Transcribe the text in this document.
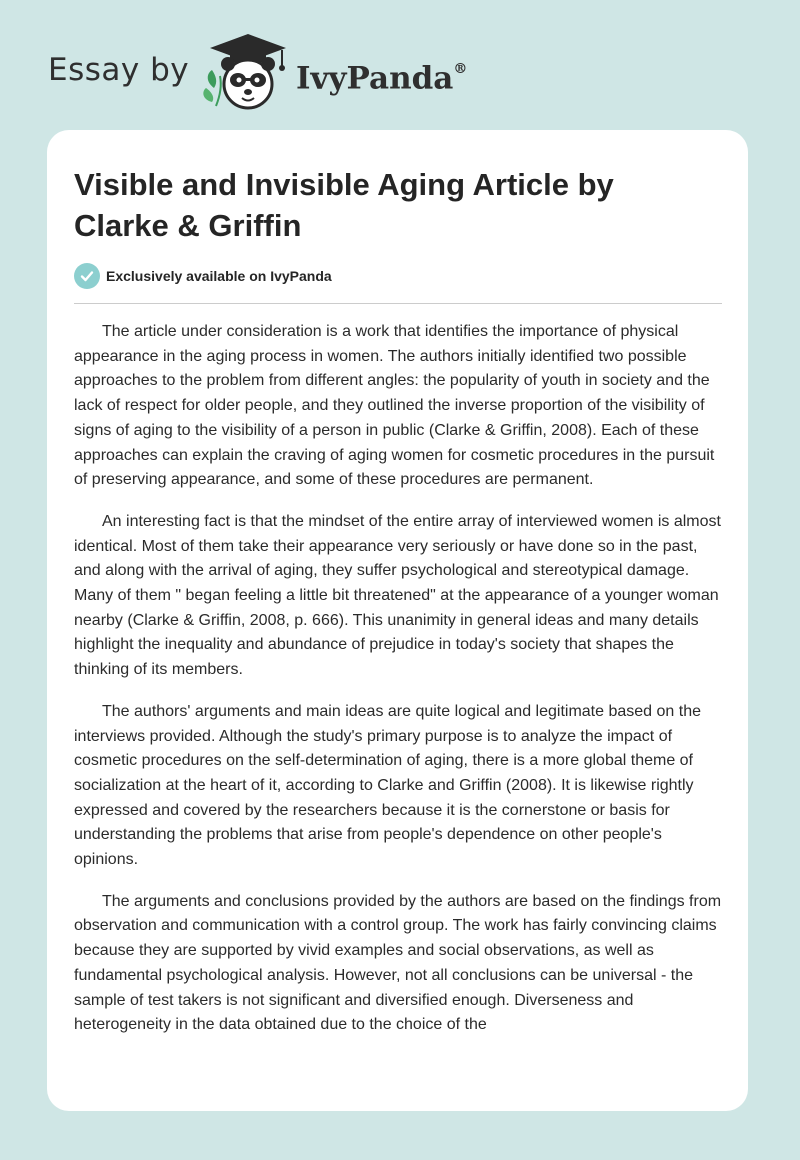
Essay by	IvyPanda®
Visible and Invisible Aging Article by Clarke & Griffin
Exclusively available on IvyPanda

The article under consideration is a work that identifies the importance of physical appearance in the aging process in women. The authors initially identified two possible approaches to the problem from different angles: the popularity of youth in society and the lack of respect for older people, and they outlined the inverse proportion of the visibility of signs of aging to the visibility of a person in public (Clarke & Griffin, 2008). Each of these approaches can explain the craving of aging women for cosmetic procedures in the pursuit of preserving appearance, and some of these procedures are permanent.

An interesting fact is that the mindset of the entire array of interviewed women is almost identical. Most of them take their appearance very seriously or have done so in the past, and along with the arrival of aging, they suffer psychological and stereotypical damage. Many of them " began feeling a little bit threatened" at the appearance of a younger woman nearby (Clarke & Griffin, 2008, p. 666). This unanimity in general ideas and many details highlight the inequality and abundance of prejudice in today's society that shapes the thinking of its members.

The authors' arguments and main ideas are quite logical and legitimate based on the interviews provided. Although the study's primary purpose is to analyze the impact of cosmetic procedures on the self-determination of aging, there is a more global theme of socialization at the heart of it, according to Clarke and Griffin (2008). It is likewise rightly expressed and covered by the researchers because it is the cornerstone or basis for understanding the problems that arise from people's dependence on other people's opinions.

The arguments and conclusions provided by the authors are based on the findings from observation and communication with a control group. The work has fairly convincing claims because they are supported by vivid examples and social observations, as well as fundamental psychological analysis. However, not all conclusions can be universal - the sample of test takers is not significant and diversified enough. Diverseness and heterogeneity in the data obtained due to the choice of the
